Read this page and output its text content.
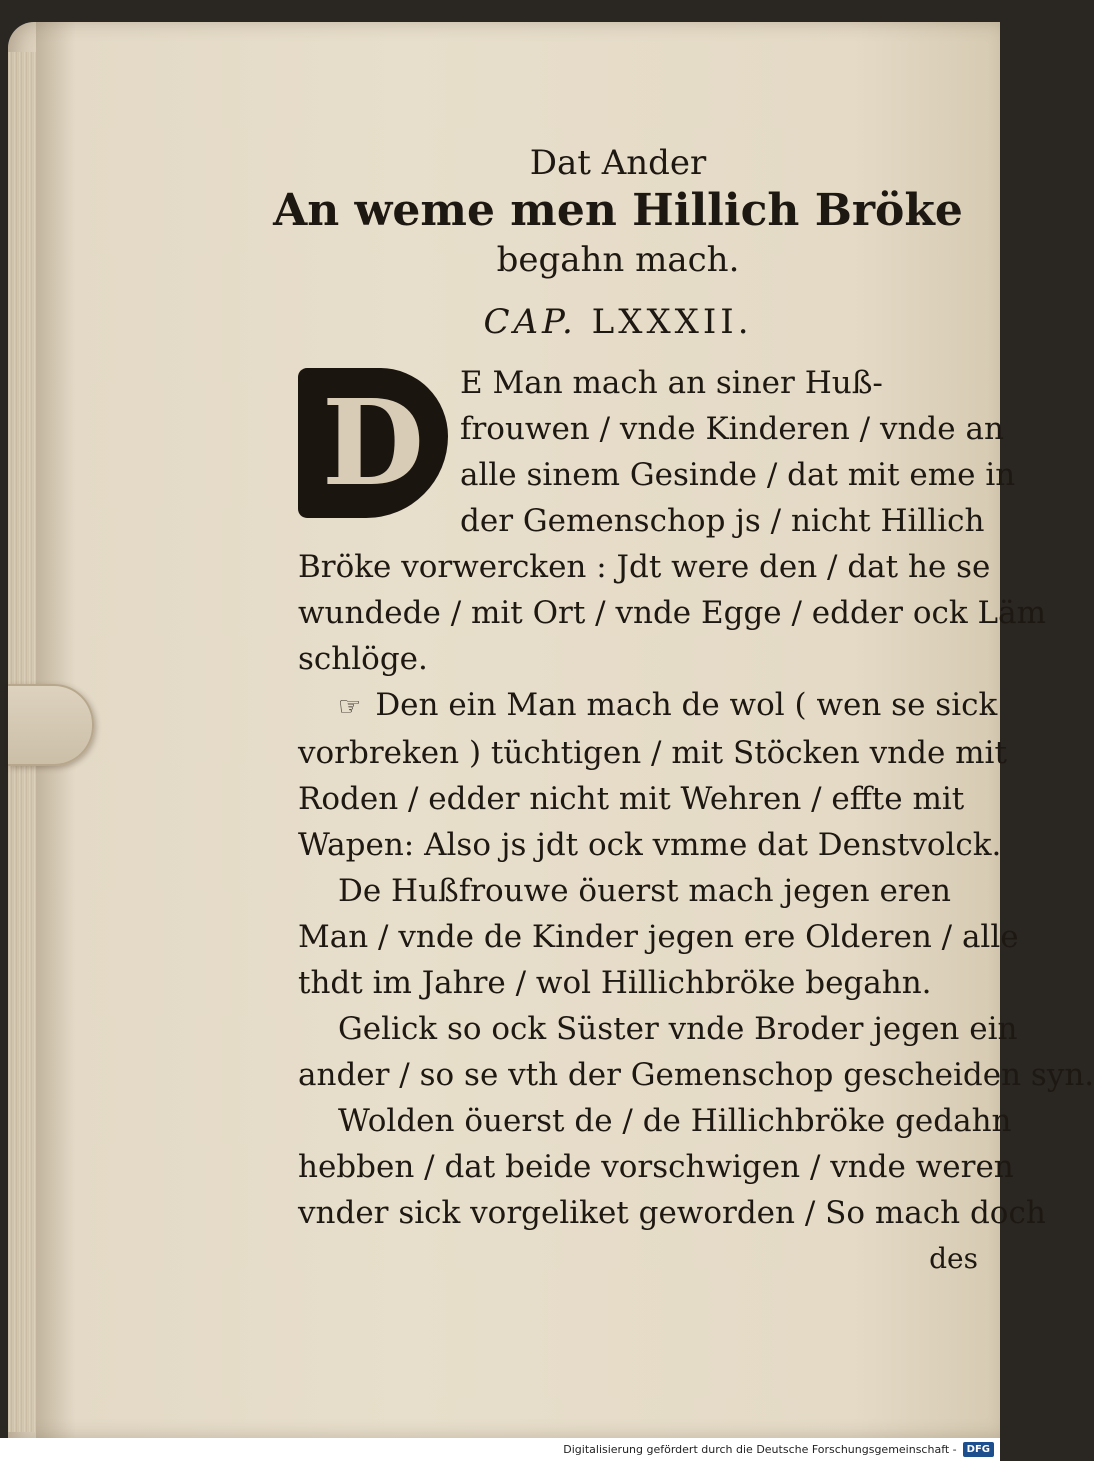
Dat Ander
An weme men Hillich Bröke
begahn mach.
CAP. LXXXII.
D	E Man mach an siner Huß-
frouwen / vnde Kinderen / vnde an
alle sinem Gesinde / dat mit eme in
der Gemenschop js / nicht Hillich
Bröke vorwercken : Jdt were den / dat he se
wundede / mit Ort / vnde Egge / edder ock Läm
schlöge.
☞ Den ein Man mach de wol ( wen se sick
vorbreken ) tüchtigen / mit Stöcken vnde mit
Roden / edder nicht mit Wehren / effte mit
Wapen: Also js jdt ock vmme dat Denstvolck.
De Hußfrouwe öuerst mach jegen eren
Man / vnde de Kinder jegen ere Olderen / alle
thdt im Jahre / wol Hillichbröke begahn.
Gelick so ock Süster vnde Broder jegen ein
ander / so se vth der Gemenschop gescheiden syn.
Wolden öuerst de / de Hillichbröke gedahn
hebben / dat beide vorschwigen / vnde weren
vnder sick vorgeliket geworden / So mach doch
des
Digitalisierung gefördert durch die Deutsche Forschungsgemeinschaft -	DFG
